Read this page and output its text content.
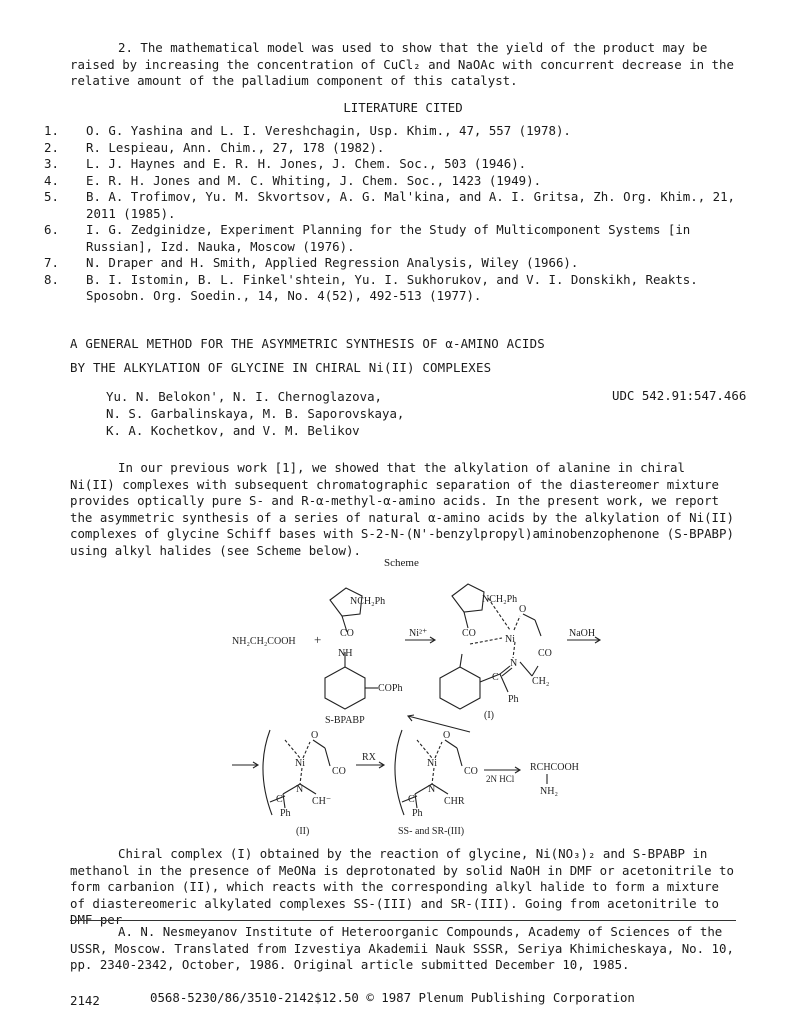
2. The mathematical model was used to show that the yield of the product may be raised by increasing the concentration of CuCl₂ and NaOAc with concurrent decrease in the relative amount of the palladium component of this catalyst.

LITERATURE CITED
1.	O. G. Yashina and L. I. Vereshchagin, Usp. Khim., 47, 557 (1978).
2.	R. Lespieau, Ann. Chim., 27, 178 (1982).
3.	L. J. Haynes and E. R. H. Jones, J. Chem. Soc., 503 (1946).
4.	E. R. H. Jones and M. C. Whiting, J. Chem. Soc., 1423 (1949).
5.	B. A. Trofimov, Yu. M. Skvortsov, A. G. Mal'kina, and A. I. Gritsa, Zh. Org. Khim., 21, 2011 (1985).
6.	I. G. Zedginidze, Experiment Planning for the Study of Multicomponent Systems [in Russian], Izd. Nauka, Moscow (1976).
7.	N. Draper and H. Smith, Applied Regression Analysis, Wiley (1966).
8.	B. I. Istomin, B. L. Finkel'shtein, Yu. I. Sukhorukov, and V. I. Donskikh, Reakts. Sposobn. Org. Soedin., 14, No. 4(52), 492-513 (1977).
A GENERAL METHOD FOR THE ASYMMETRIC SYNTHESIS OF α-AMINO ACIDS
BY THE ALKYLATION OF GLYCINE IN CHIRAL Ni(II) COMPLEXES
Yu. N. Belokon', N. I. Chernoglazova,
N. S. Garbalinskaya, M. B. Saporovskaya,
K. A. Kochetkov, and V. M. Belikov
UDC 542.91:547.466

In our previous work [1], we showed that the alkylation of alanine in chiral Ni(II) complexes with subsequent chromatographic separation of the diastereomer mixture provides optically pure S- and R-α-methyl-α-amino acids. In the present work, we report the asymmetric synthesis of a series of natural α-amino acids by the alkylation of Ni(II) complexes of glycine Schiff bases with S-2-N-(N'-benzylpropyl)aminobenzophenone (S-BPABP) using alkyl halides (see Scheme below).

Scheme
NH₂CH₂COOH +
NCH₂Ph
CO
NH
COPh
S-BPABP
Ni²⁺
NCH₂Ph
O
CO
Ni
N
CO
CH₂
C
Ph
(I)
NaOH
O
Ni
CO
N
C	CH⁻
Ph
(II)
RX
O
Ni
CO
N
C	CHR
Ph
SS- and SR-(III)
2N HCl
RCHCOOH
NH₂

Chiral complex (I) obtained by the reaction of glycine, Ni(NO₃)₂ and S-BPABP in methanol in the presence of MeONa is deprotonated by solid NaOH in DMF or acetonitrile to form carbanion (II), which reacts with the corresponding alkyl halide to form a mixture of diastereomeric alkylated complexes SS-(III) and SR-(III). Going from acetonitrile to DMF per-

A. N. Nesmeyanov Institute of Heteroorganic Compounds, Academy of Sciences of the USSR, Moscow. Translated from Izvestiya Akademii Nauk SSSR, Seriya Khimicheskaya, No. 10, pp. 2340-2342, October, 1986. Original article submitted December 10, 1985.

2142	0568-5230/86/3510-2142$12.50 © 1987 Plenum Publishing Corporation
